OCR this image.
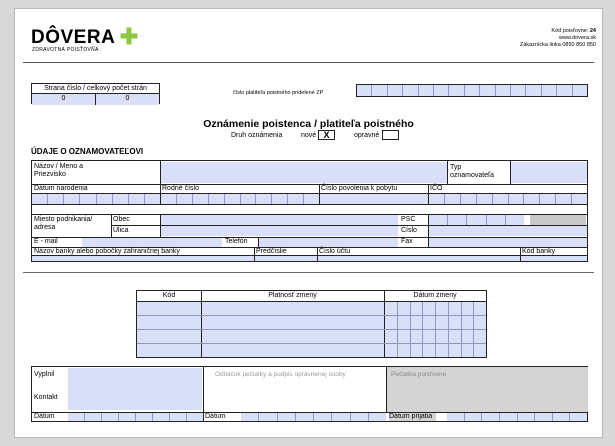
DÔVERA ✚
ZDRAVOTNÁ POISŤOVŇA
Kód poisťovne: 24
www.dovera.sk
Zákaznícka linka 0850 850 850
Strana číslo / celkový počet strán
0	0
číslo platiteľa poistného pridelené ZP
Oznámenie poistenca / platiteľa poistného
Druh oznámenia	nové X	opravné
ÚDAJE O OZNAMOVATEĽOVI
Názov / Meno a Priezvisko
Typ oznamovateľa
Dátum narodenia	Rodné číslo	Číslo povolenia k pobytu	IČO
Miesto podnikania/ adresa
Obec	PSČ
Ulica	Číslo
E - mail	Telefón	Fax
Názov banky alebo pobočky zahraničnej banky	Predčíslie	Číslo účtu	Kód banky
Kód	Platnosť zmeny	Dátum zmeny
Vyplnil
Kontakt
Odtlačok pečiatky a podpis oprávnenej osoby	Pečiatka poisťovne
Dátum	Dátum	Dátum prijatia
